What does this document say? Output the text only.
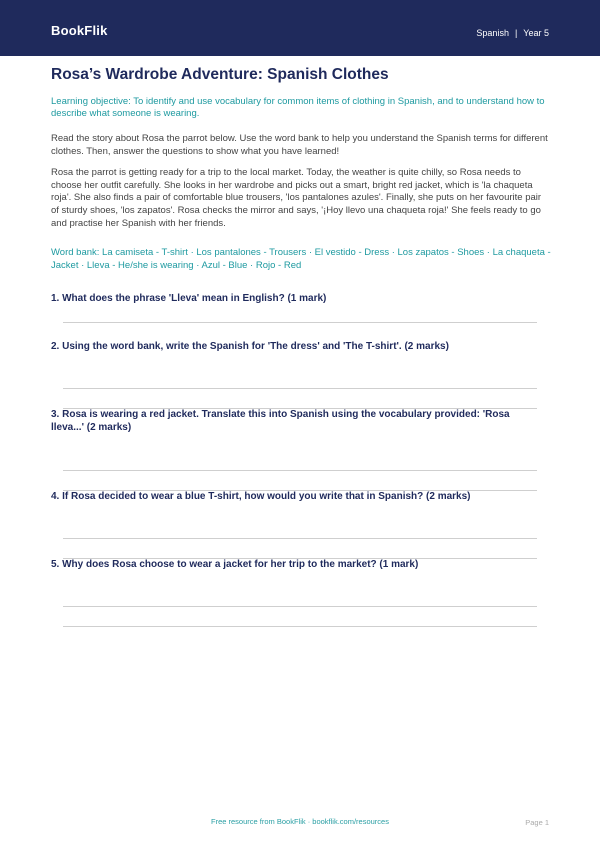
BookFlik	Spanish | Year 5
Rosa’s Wardrobe Adventure: Spanish Clothes

Learning objective: To identify and use vocabulary for common items of clothing in Spanish, and to understand how to describe what someone is wearing.

Read the story about Rosa the parrot below. Use the word bank to help you understand the Spanish terms for different clothes. Then, answer the questions to show what you have learned!

Rosa the parrot is getting ready for a trip to the local market. Today, the weather is quite chilly, so Rosa needs to choose her outfit carefully. She looks in her wardrobe and picks out a smart, bright red jacket, which is 'la chaqueta roja'. She also finds a pair of comfortable blue trousers, 'los pantalones azules'. Finally, she puts on her favourite pair of sturdy shoes, 'los zapatos'. Rosa checks the mirror and says, '¡Hoy llevo una chaqueta roja!' She feels ready to go and practise her Spanish with her friends.

Word bank: La camiseta - T-shirt · Los pantalones - Trousers · El vestido - Dress · Los zapatos - Shoes · La chaqueta - Jacket · Lleva - He/she is wearing · Azul - Blue · Rojo - Red

1. What does the phrase 'Lleva' mean in English? (1 mark)

2. Using the word bank, write the Spanish for 'The dress' and 'The T-shirt'. (2 marks)

3. Rosa is wearing a red jacket. Translate this into Spanish using the vocabulary provided: 'Rosa lleva...' (2 marks)

4. If Rosa decided to wear a blue T-shirt, how would you write that in Spanish? (2 marks)

5. Why does Rosa choose to wear a jacket for her trip to the market? (1 mark)

Free resource from BookFlik · bookflik.com/resources	Page 1
